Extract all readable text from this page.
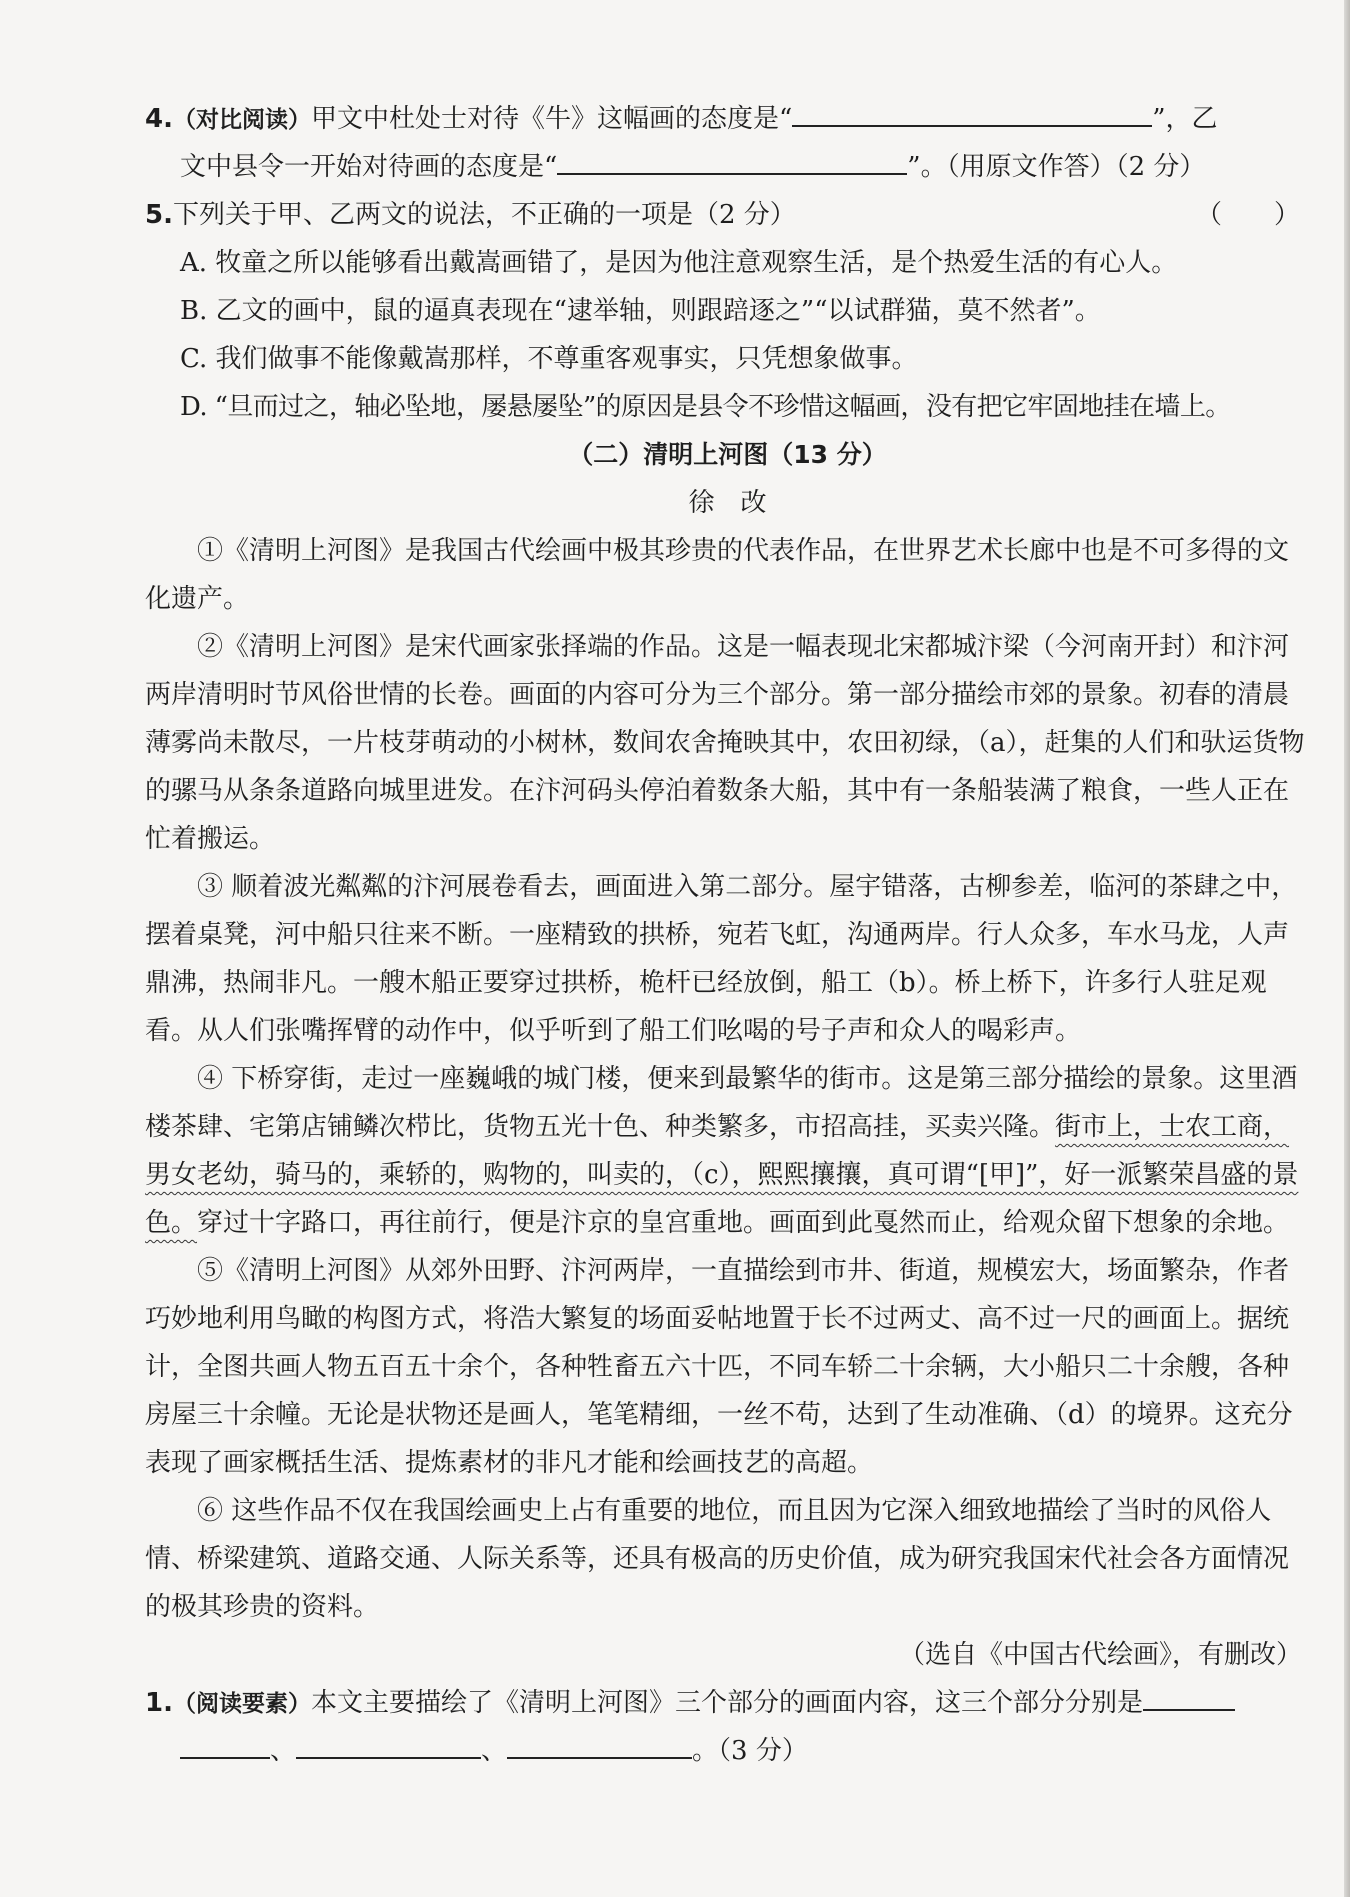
4.（对比阅读）甲文中杜处士对待《牛》这幅画的态度是“	”，乙
文中县令一开始对待画的态度是“	”。（用原文作答）（2 分）
5.下列关于甲、乙两文的说法，不正确的一项是（2 分）	（　　）
A. 牧童之所以能够看出戴嵩画错了，是因为他注意观察生活，是个热爱生活的有心人。
B. 乙文的画中，鼠的逼真表现在“逮举轴，则跟踣逐之”“以试群猫，莫不然者”。
C. 我们做事不能像戴嵩那样，不尊重客观事实，只凭想象做事。
D. “旦而过之，轴必坠地，屡悬屡坠”的原因是县令不珍惜这幅画，没有把它牢固地挂在墙上。
（二）清明上河图（13 分）
徐改

①《清明上河图》是我国古代绘画中极其珍贵的代表作品，在世界艺术长廊中也是不可多得的文化遗产。

②《清明上河图》是宋代画家张择端的作品。这是一幅表现北宋都城汴梁（今河南开封）和汴河两岸清明时节风俗世情的长卷。画面的内容可分为三个部分。第一部分描绘市郊的景象。初春的清晨薄雾尚未散尽，一片枝芽萌动的小树林，数间农舍掩映其中，农田初绿，（a），赶集的人们和驮运货物的骡马从条条道路向城里进发。在汴河码头停泊着数条大船，其中有一条船装满了粮食，一些人正在忙着搬运。

③ 顺着波光粼粼的汴河展卷看去，画面进入第二部分。屋宇错落，古柳参差，临河的茶肆之中，摆着桌凳，河中船只往来不断。一座精致的拱桥，宛若飞虹，沟通两岸。行人众多，车水马龙，人声鼎沸，热闹非凡。一艘木船正要穿过拱桥，桅杆已经放倒，船工（b）。桥上桥下，许多行人驻足观看。从人们张嘴挥臂的动作中，似乎听到了船工们吆喝的号子声和众人的喝彩声。

④ 下桥穿街，走过一座巍峨的城门楼，便来到最繁华的街市。这是第三部分描绘的景象。这里酒楼茶肆、宅第店铺鳞次栉比，货物五光十色、种类繁多，市招高挂，买卖兴隆。街市上，士农工商，男女老幼，骑马的，乘轿的，购物的，叫卖的，（c），熙熙攘攘，真可谓“[甲]”，好一派繁荣昌盛的景色。穿过十字路口，再往前行，便是汴京的皇宫重地。画面到此戛然而止，给观众留下想象的余地。

⑤《清明上河图》从郊外田野、汴河两岸，一直描绘到市井、街道，规模宏大，场面繁杂，作者巧妙地利用鸟瞰的构图方式，将浩大繁复的场面妥帖地置于长不过两丈、高不过一尺的画面上。据统计，全图共画人物五百五十余个，各种牲畜五六十匹，不同车轿二十余辆，大小船只二十余艘，各种房屋三十余幢。无论是状物还是画人，笔笔精细，一丝不苟，达到了生动准确、（d）的境界。这充分表现了画家概括生活、提炼素材的非凡才能和绘画技艺的高超。

⑥ 这些作品不仅在我国绘画史上占有重要的地位，而且因为它深入细致地描绘了当时的风俗人情、桥梁建筑、道路交通、人际关系等，还具有极高的历史价值，成为研究我国宋代社会各方面情况的极其珍贵的资料。

（选自《中国古代绘画》，有删改）
1.（阅读要素）本文主要描绘了《清明上河图》三个部分的画面内容，这三个部分分别是
、	、	。（3 分）
